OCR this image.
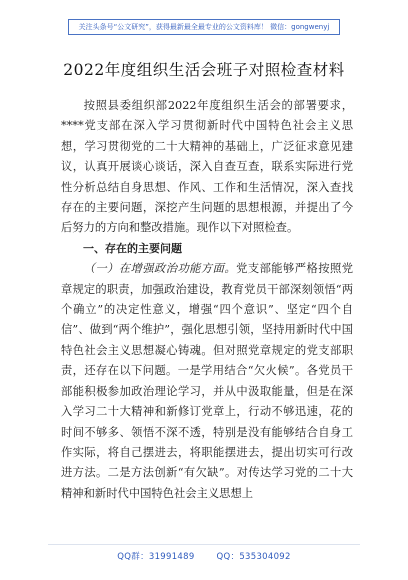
关注头条号“公文研究”，获得最新最全最专业的公文资料库！ 微信：gongwenyj
2022年度组织生活会班子对照检查材料

按照县委组织部2022年度组织生活会的部署要求，****党支部在深入学习贯彻新时代中国特色社会主义思想，学习贯彻党的二十大精神的基础上，广泛征求意见建议，认真开展谈心谈话，深入自查互查，联系实际进行党性分析总结自身思想、作风、工作和生活情况，深入查找存在的主要问题，深挖产生问题的思想根源，并提出了今后努力的方向和整改措施。现作以下对照检查。

一、存在的主要问题

（一）在增强政治功能方面。党支部能够严格按照党章规定的职责，加强政治建设，教育党员干部深刻领悟“两个确立”的决定性意义，增强“四个意识”、坚定“四个自信”、做到“两个维护”，强化思想引领，坚持用新时代中国特色社会主义思想凝心铸魂。但对照党章规定的党支部职责，还存在以下问题。一是学用结合“欠火候”。各党员干部能积极参加政治理论学习，并从中汲取能量，但是在深入学习二十大精神和新修订党章上，行动不够迅速，花的时间不够多、领悟不深不透，特别是没有能够结合自身工作实际，将自己摆进去，将职能摆进去，提出切实可行改进方法。二是方法创新“有欠缺”。对传达学习党的二十大精神和新时代中国特色社会主义思想上

QQ群：31991489	QQ：535304092
